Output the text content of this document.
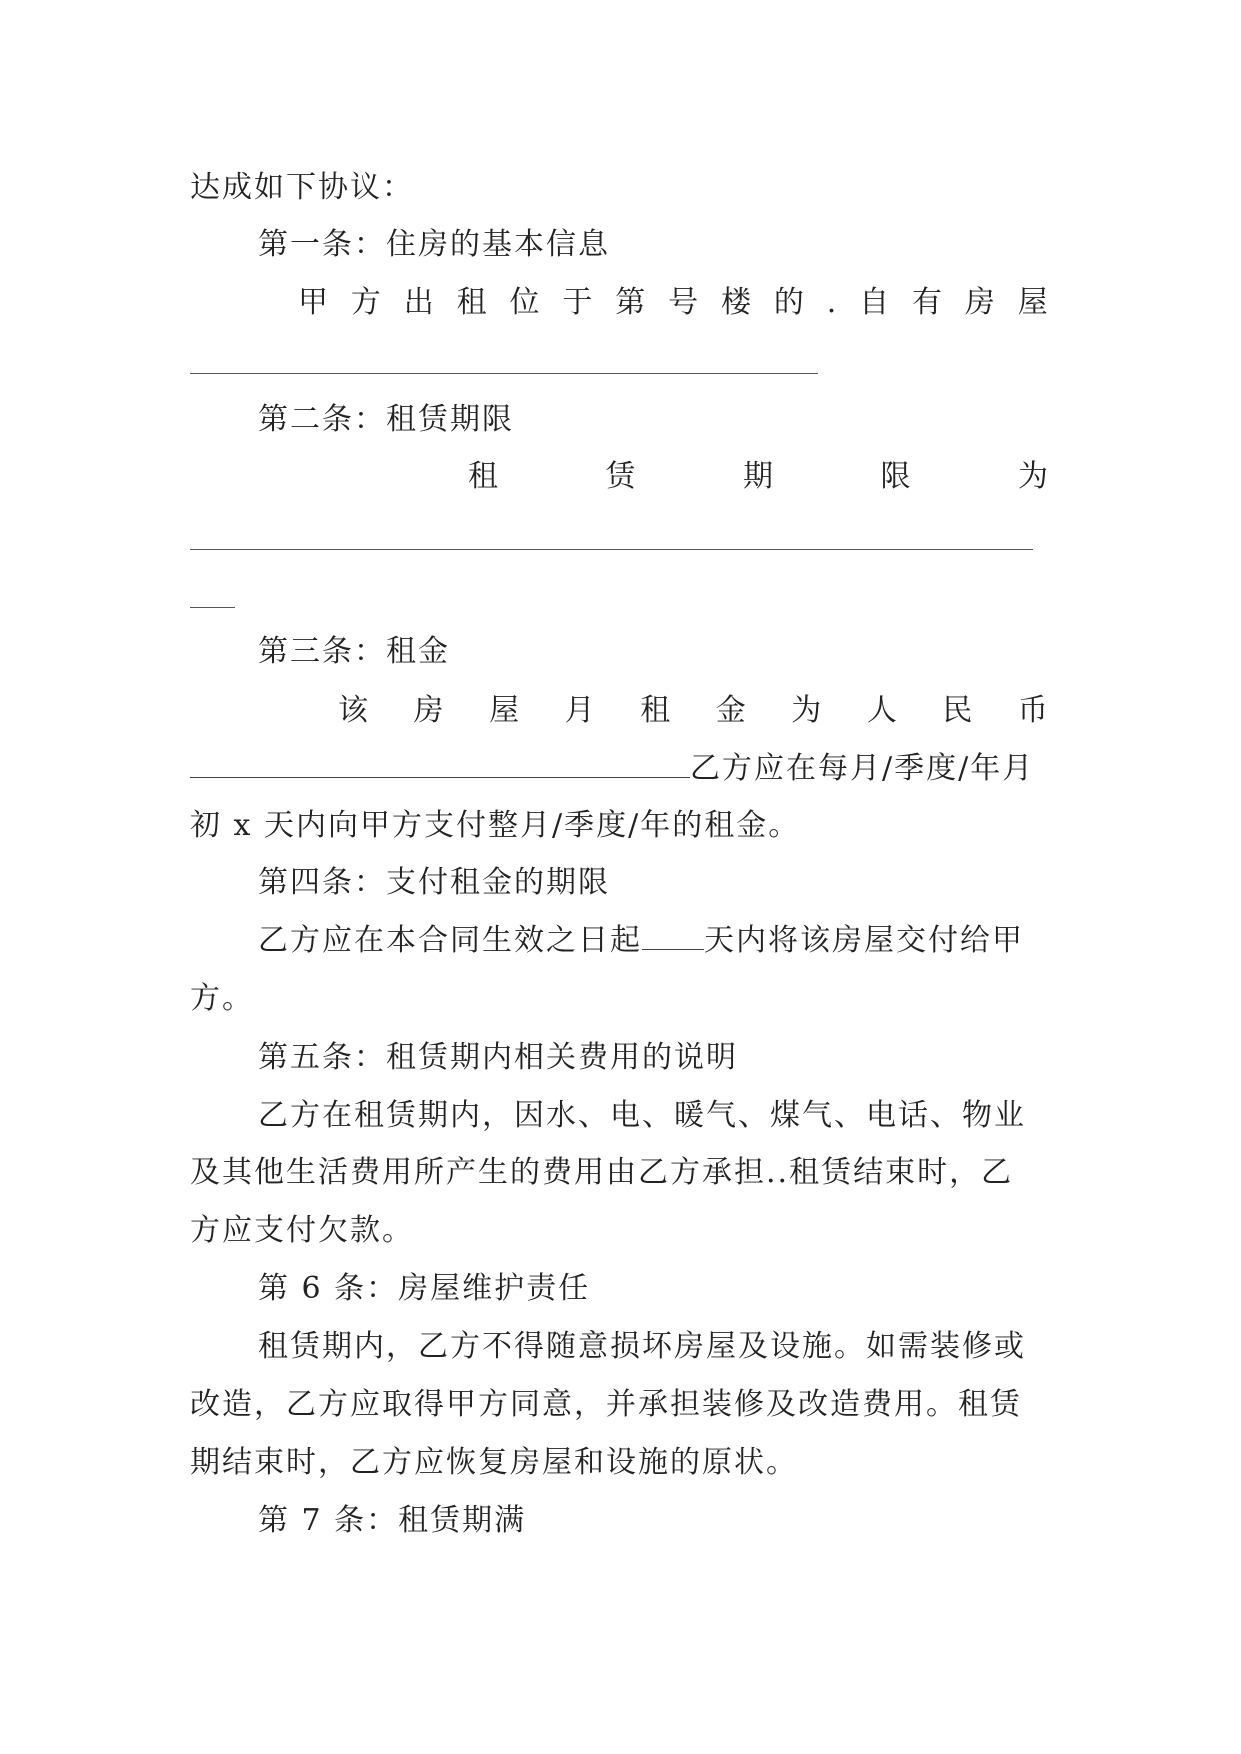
达成如下协议：
第一条：住房的基本信息
甲 方 出 租 位 于 第 号 楼 的 . 自 有 房 屋
第二条：租赁期限
租	赁	期	限	为
第三条：租金
该 房 屋 月 租 金 为 人 民 币
乙方应在每月/季度/年月
初 x 天内向甲方支付整月/季度/年的租金。
第四条：支付租金的期限
乙方应在本合同生效之日起 天内将该房屋交付给甲
方。
第五条：租赁期内相关费用的说明
乙方在租赁期内，因水、电、暖气、煤气、电话、物业
及其他生活费用所产生的费用由乙方承担..租赁结束时，乙
方应支付欠款。
第 6 条：房屋维护责任
租赁期内，乙方不得随意损坏房屋及设施。如需装修或
改造，乙方应取得甲方同意，并承担装修及改造费用。租赁
期结束时，乙方应恢复房屋和设施的原状。
第 7 条：租赁期满
